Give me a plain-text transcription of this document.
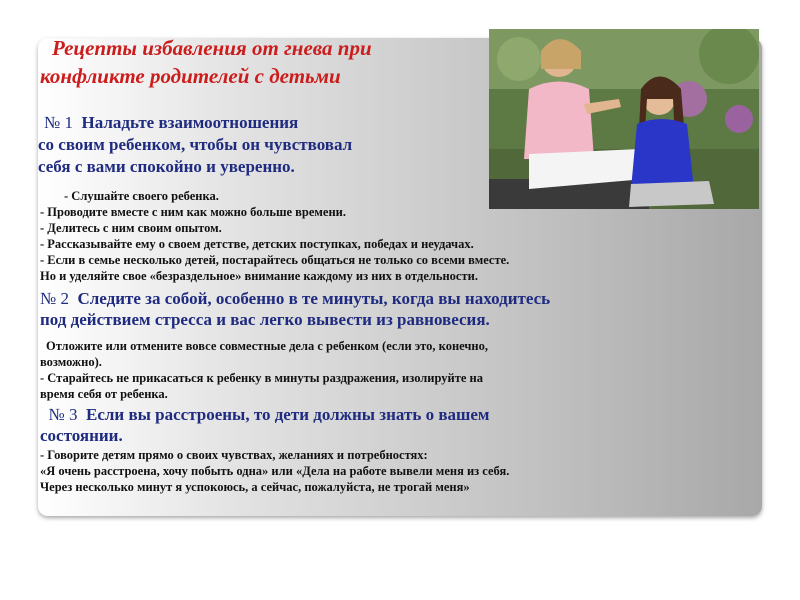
Рецепты избавления от гнева при
конфликте родителей с детьми
№ 1 Наладьте взаимоотношения
со своим ребенком, чтобы он чувствовал
себя с вами спокойно и уверенно.
- Слушайте своего ребенка.
- Проводите вместе с ним как можно больше времени.
- Делитесь с ним своим опытом.
- Рассказывайте ему о своем детстве, детских поступках, победах и неудачах.
- Если в семье несколько детей, постарайтесь общаться не только со всеми вместе.
Но и уделяйте свое «безраздельное» внимание каждому из них в отдельности.
№ 2 Следите за собой, особенно в те минуты, когда вы находитесь
под действием стресса и вас легко вывести из равновесия.
Отложите или отмените вовсе совместные дела с ребенком (если это, конечно,
возможно).
- Старайтесь не прикасаться к ребенку в минуты раздражения, изолируйте на
время себя от ребенка.
№ 3 Если вы расстроены, то дети должны знать о вашем
состоянии.
- Говорите детям прямо о своих чувствах, желаниях и потребностях:
«Я очень расстроена, хочу побыть одна» или «Дела на работе вывели меня из себя.
Через несколько минут я успокоюсь, а сейчас, пожалуйста, не трогай меня»
